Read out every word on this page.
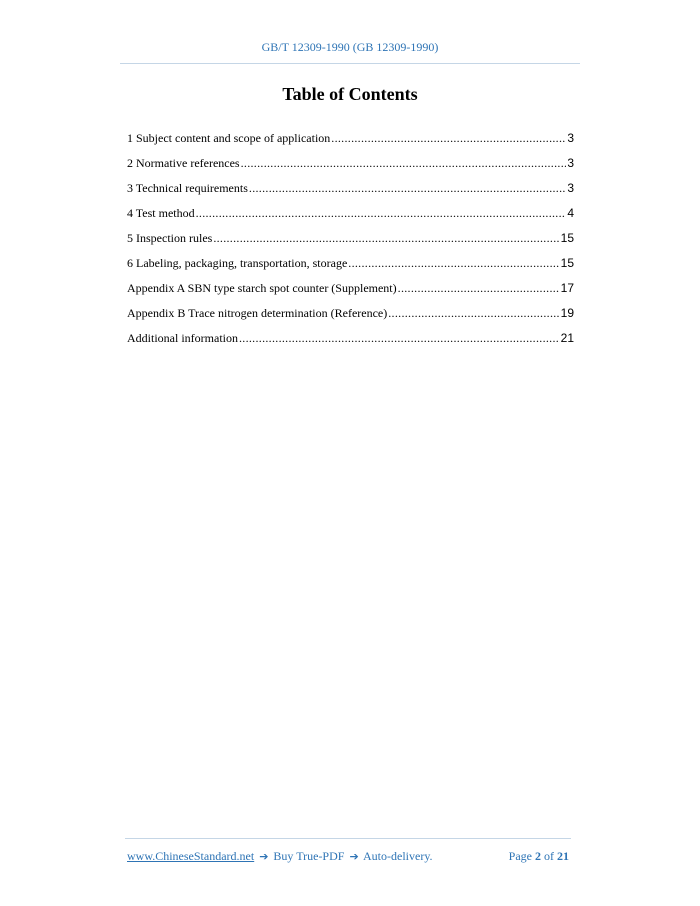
GB/T 12309-1990 (GB 12309-1990)
Table of Contents
1 Subject content and scope of application .....	3
2 Normative references .....	3
3 Technical requirements .....	3
4 Test method .....	4
5 Inspection rules .....	15
6 Labeling, packaging, transportation, storage .....	15
Appendix A SBN type starch spot counter (Supplement) .....	17
Appendix B Trace nitrogen determination (Reference) .....	19
Additional information .....	21
www.ChineseStandard.net ➔ Buy True-PDF ➔ Auto-delivery.	Page 2 of 21
